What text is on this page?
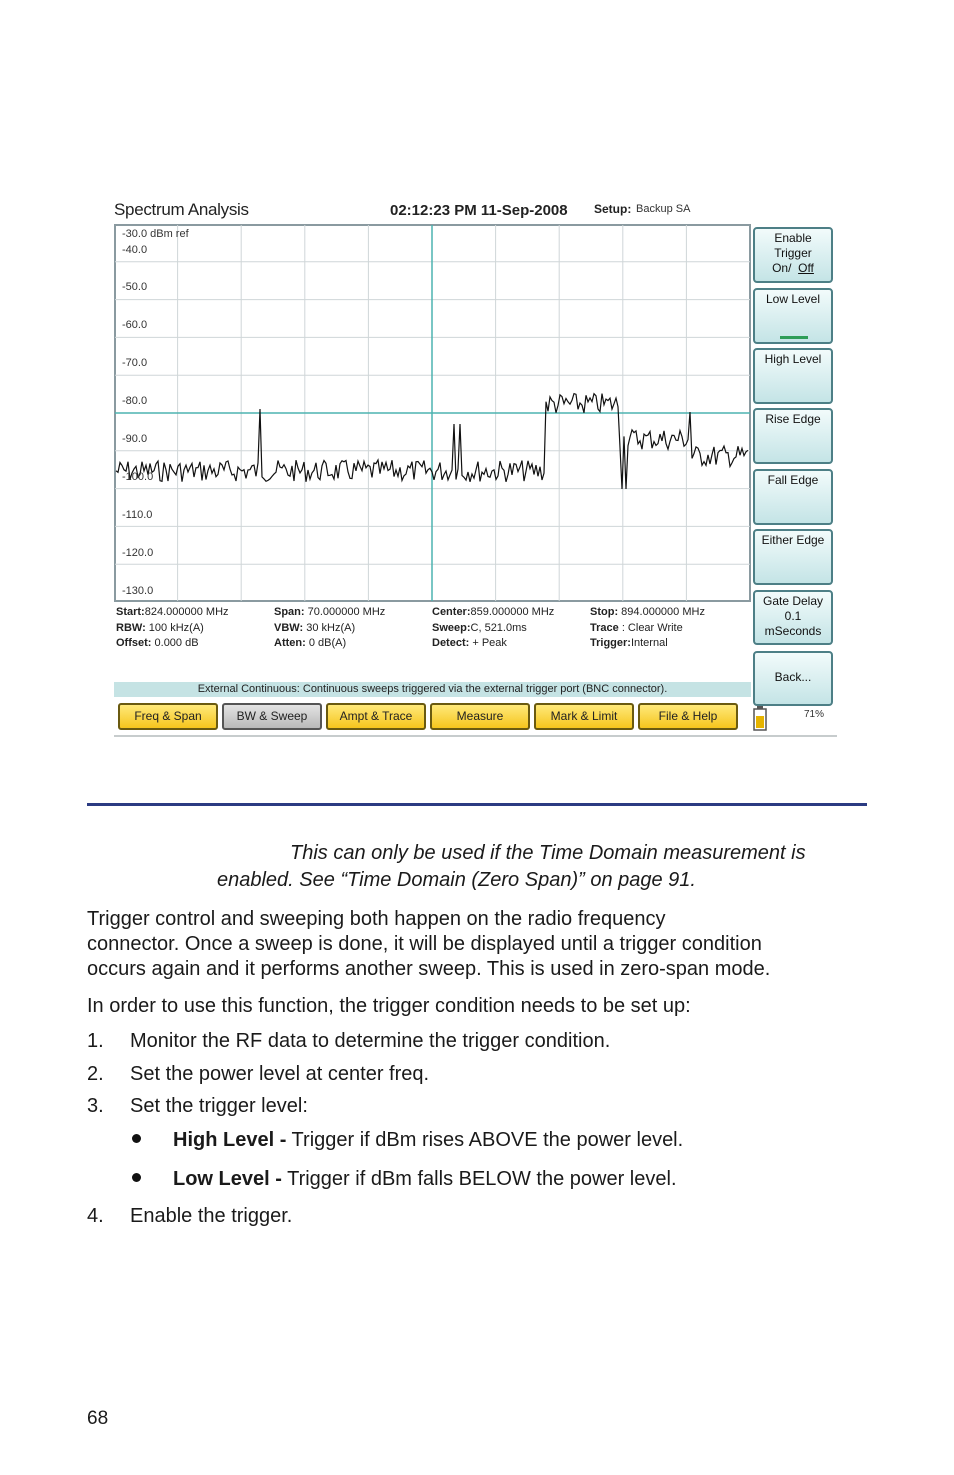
Spectrum Analysis	02:12:23 PM 11-Sep-2008 Setup: Backup SA
-30.0 dBm ref
-40.0
-50.0
-60.0
-70.0
-80.0
-90.0
-100.0
-110.0
-120.0
-130.0
Enable
Trigger
On/ Off
Low Level
High Level
Rise Edge
Fall Edge
Either Edge
Gate Delay
0.1
mSeconds
Back...
Start:824.000000 MHz	Span: 70.000000 MHz	Center:859.000000 MHz	Stop: 894.000000 MHz
RBW: 100 kHz(A)	VBW: 30 kHz(A)	Sweep:C, 521.0ms	Trace : Clear Write
Offset: 0.000 dB	Atten: 0 dB(A)	Detect: + Peak	Trigger:Internal
External Continuous: Continuous sweeps triggered via the external trigger port (BNC connector).
Freq & Span	BW & Sweep	Ampt & Trace	Measure	Mark & Limit	File & Help	71%
This can only be used if the Time Domain measurement is
enabled. See “Time Domain (Zero Span)” on page 91.
Trigger control and sweeping both happen on the radio frequency
connector. Once a sweep is done, it will be displayed until a trigger condition
occurs again and it performs another sweep. This is used in zero-span mode.
In order to use this function, the trigger condition needs to be set up:
1. Monitor the RF data to determine the trigger condition.
2. Set the power level at center freq.
3. Set the trigger level:
High Level - Trigger if dBm rises ABOVE the power level.
Low Level - Trigger if dBm falls BELOW the power level.
4. Enable the trigger.
68
